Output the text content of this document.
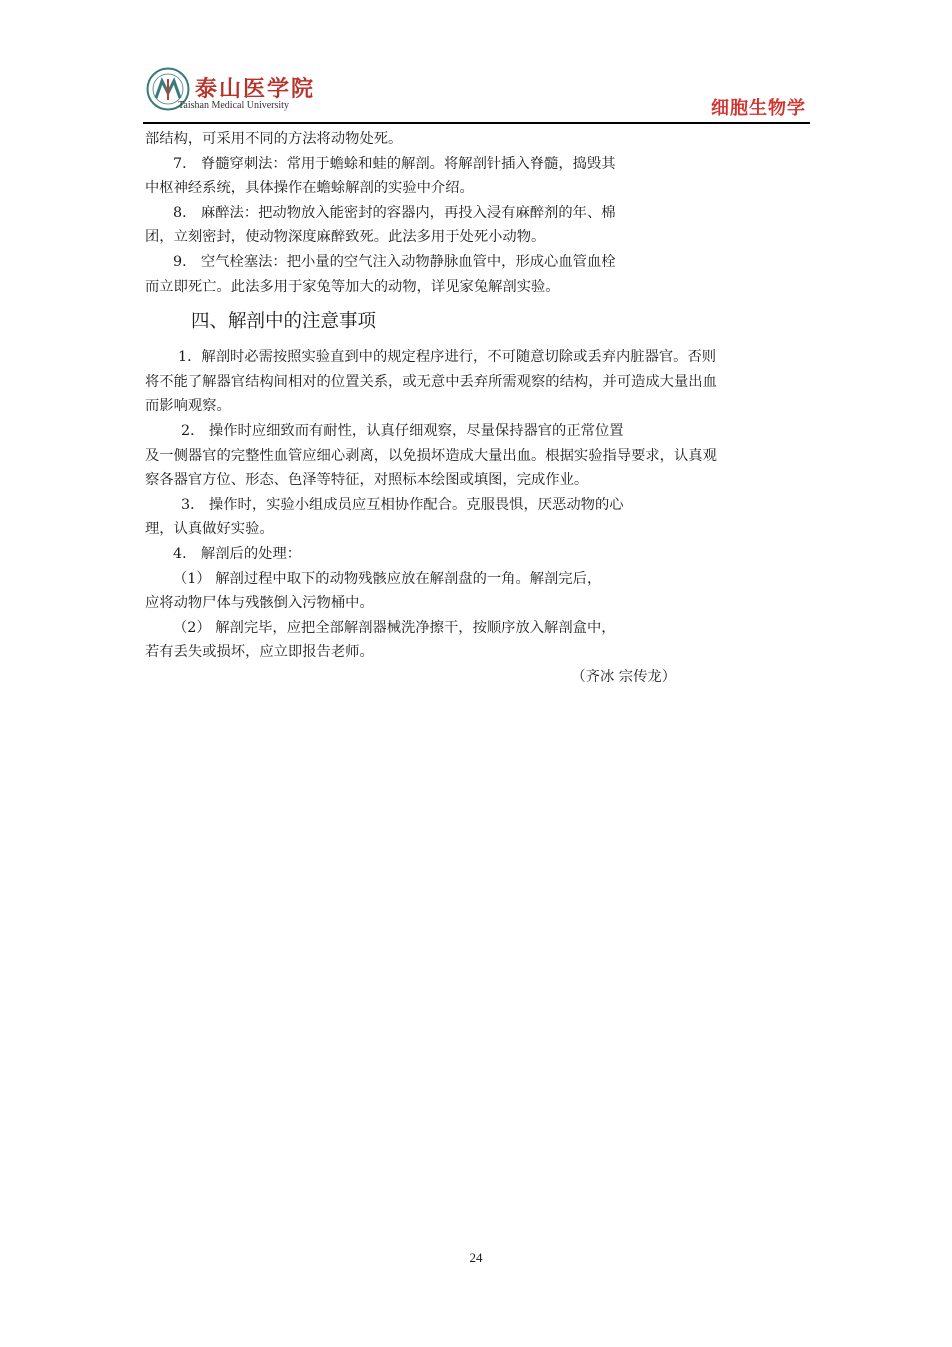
泰山医学院
Taishan Medical University	细胞生物学
部结构，可采用不同的方法将动物处死。
7． 脊髓穿刺法：常用于蟾蜍和蛙的解剖。将解剖针插入脊髓，捣毁其
中枢神经系统，具体操作在蟾蜍解剖的实验中介绍。
8． 麻醉法：把动物放入能密封的容器内，再投入浸有麻醉剂的年、棉
团，立刻密封，使动物深度麻醉致死。此法多用于处死小动物。
9． 空气栓塞法：把小量的空气注入动物静脉血管中，形成心血管血栓
而立即死亡。此法多用于家兔等加大的动物，详见家兔解剖实验。
四、解剖中的注意事项
1．解剖时必需按照实验直到中的规定程序进行，不可随意切除或丢弃内脏器官。否则
将不能了解器官结构间相对的位置关系，或无意中丢弃所需观察的结构，并可造成大量出血
而影响观察。
2． 操作时应细致而有耐性，认真仔细观察，尽量保持器官的正常位置
及一侧器官的完整性血管应细心剥离，以免损坏造成大量出血。根据实验指导要求，认真观
察各器官方位、形态、色泽等特征，对照标本绘图或填图，完成作业。
3． 操作时，实验小组成员应互相协作配合。克服畏惧，厌恶动物的心
理，认真做好实验。
4． 解剖后的处理：
（1） 解剖过程中取下的动物残骸应放在解剖盘的一角。解剖完后，
应将动物尸体与残骸倒入污物桶中。
（2） 解剖完毕，应把全部解剖器械洗净擦干，按顺序放入解剖盒中，
若有丢失或损坏，应立即报告老师。
（齐冰 宗传龙）
24
